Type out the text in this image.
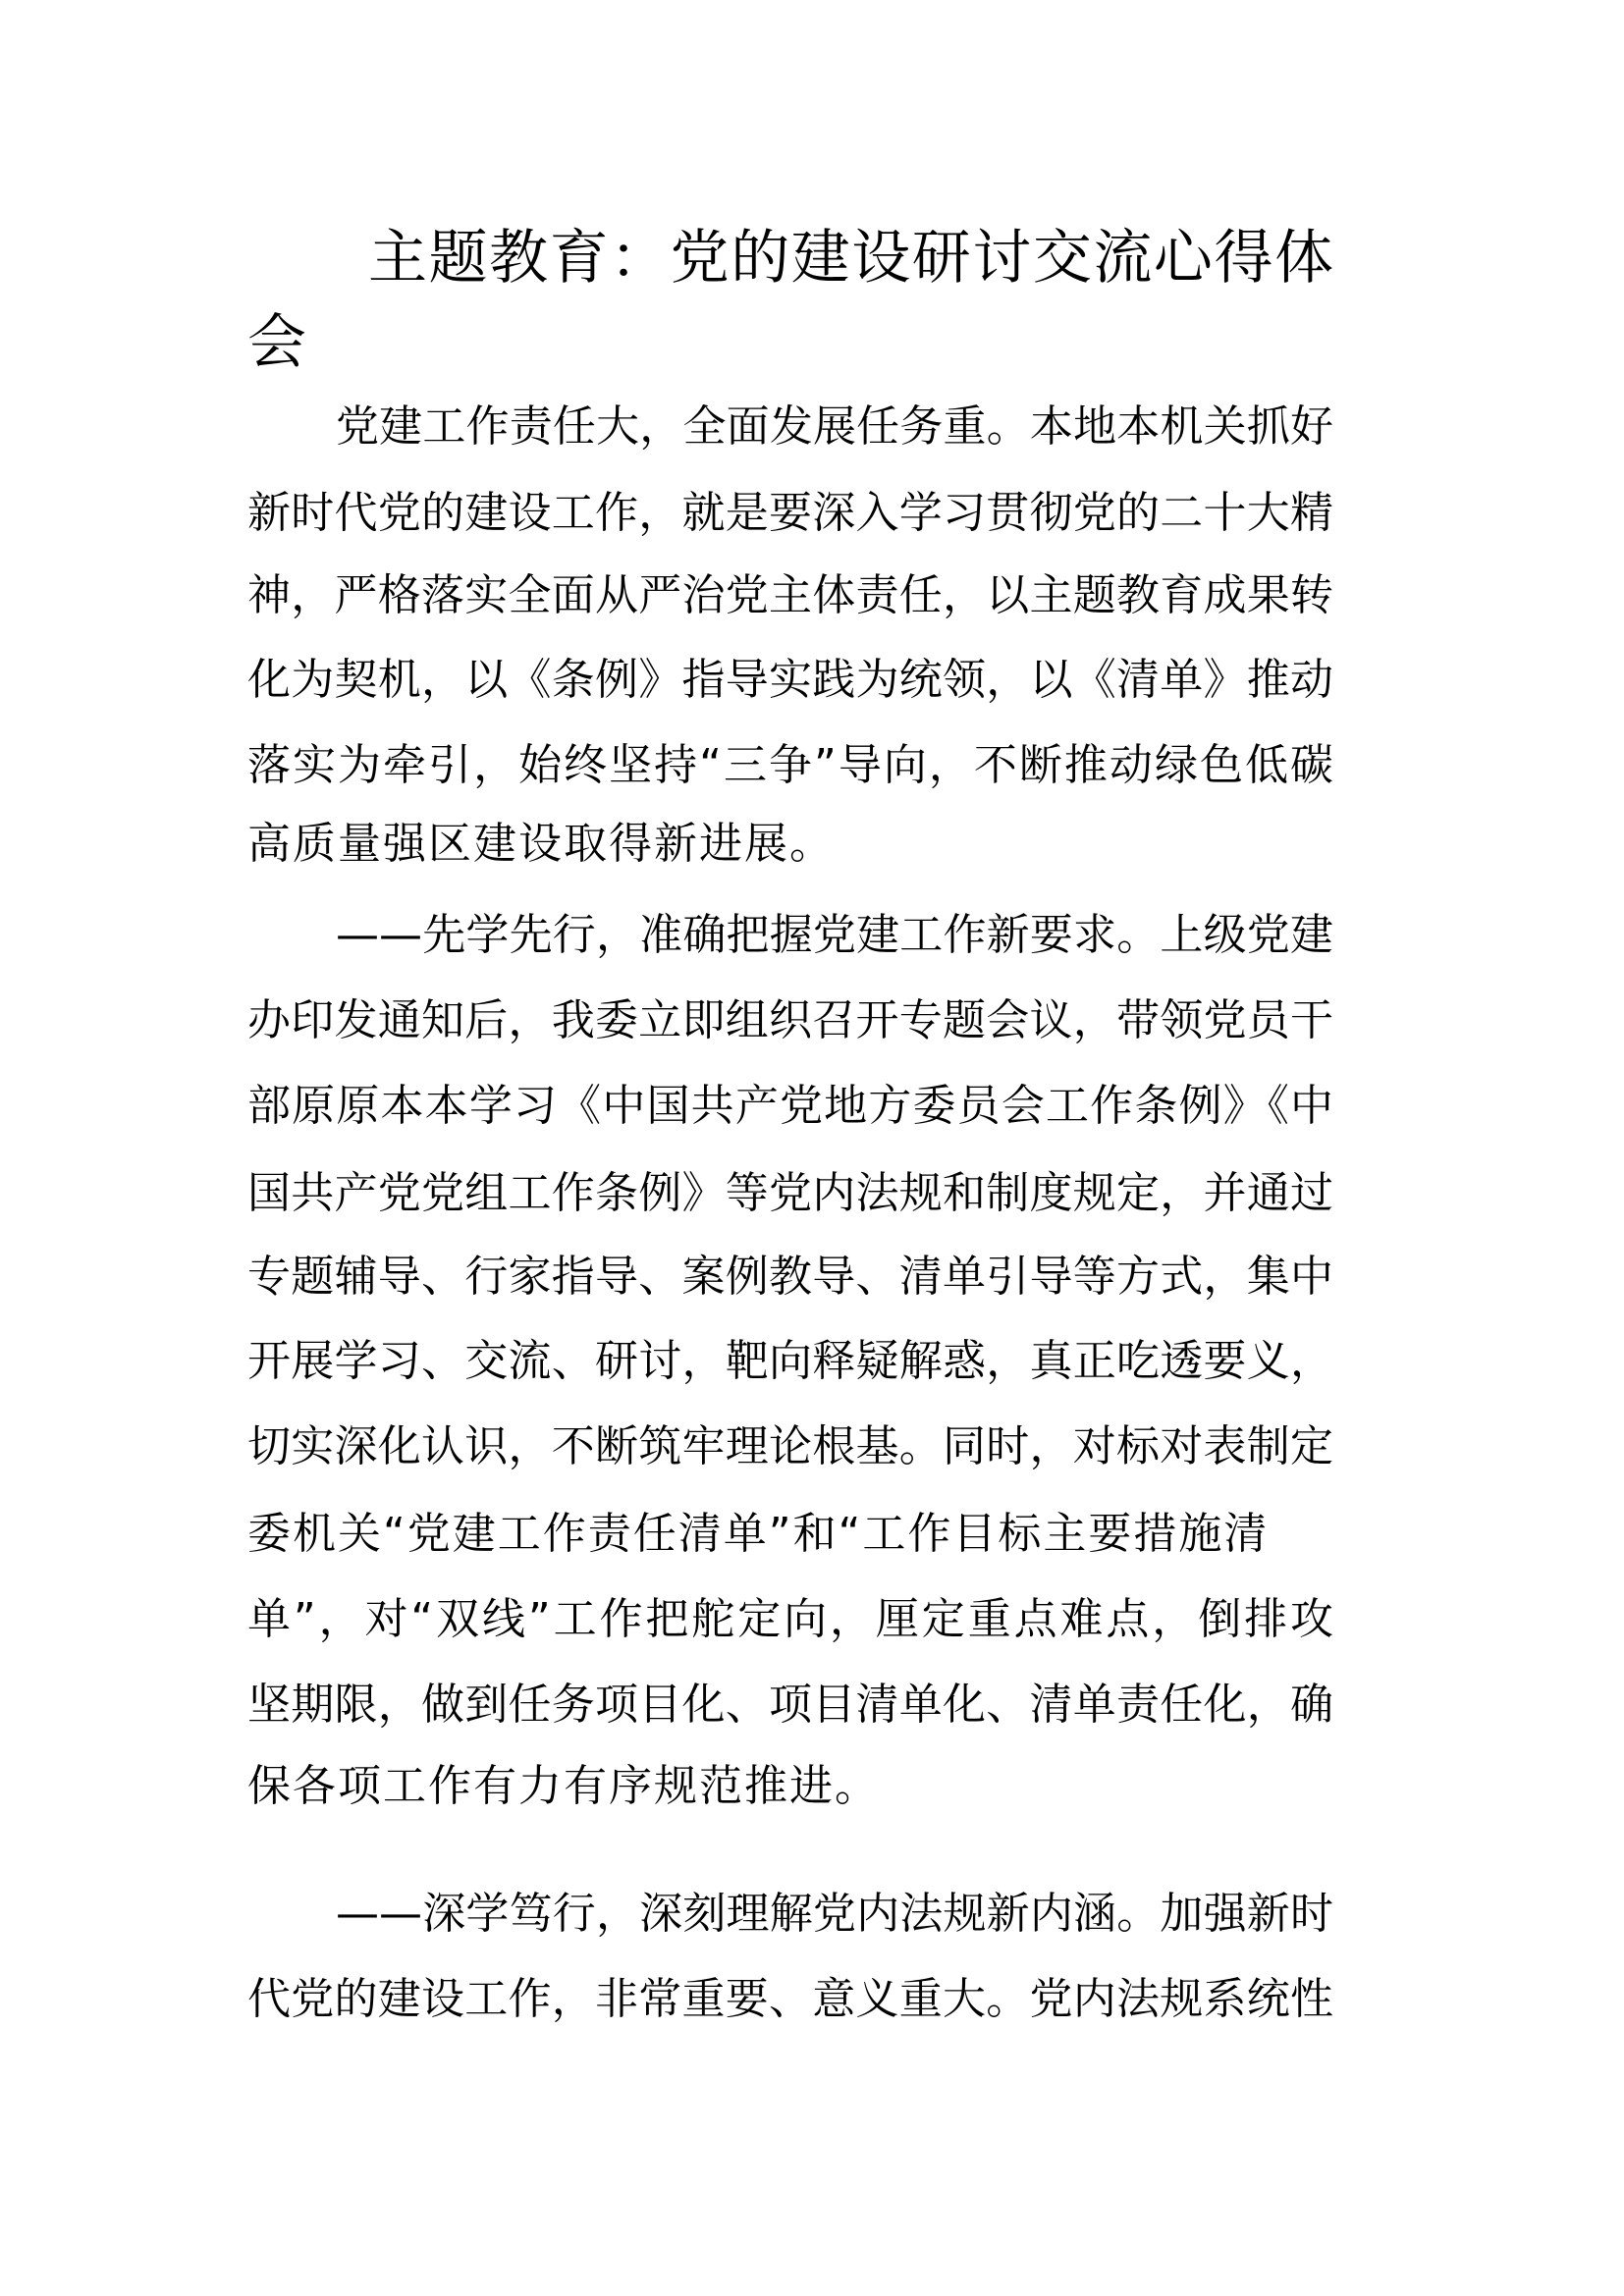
主题教育：党的建设研讨交流心得体
会
党建工作责任大，全面发展任务重。本地本机关抓好
新时代党的建设工作，就是要深入学习贯彻党的二十大精
神，严格落实全面从严治党主体责任，以主题教育成果转
化为契机，以《条例》指导实践为统领，以《清单》推动
落实为牵引，始终坚持“三争”导向，不断推动绿色低碳
高质量强区建设取得新进展。
——先学先行，准确把握党建工作新要求。上级党建
办印发通知后，我委立即组织召开专题会议，带领党员干
部原原本本学习《中国共产党地方委员会工作条例》《中
国共产党党组工作条例》等党内法规和制度规定，并通过
专题辅导、行家指导、案例教导、清单引导等方式，集中
开展学习、交流、研讨，靶向释疑解惑，真正吃透要义，
切实深化认识，不断筑牢理论根基。同时，对标对表制定
委机关“党建工作责任清单”和“工作目标主要措施清
单”，对“双线”工作把舵定向，厘定重点难点，倒排攻
坚期限，做到任务项目化、项目清单化、清单责任化，确
保各项工作有力有序规范推进。
——深学笃行，深刻理解党内法规新内涵。加强新时
代党的建设工作，非常重要、意义重大。党内法规系统性
